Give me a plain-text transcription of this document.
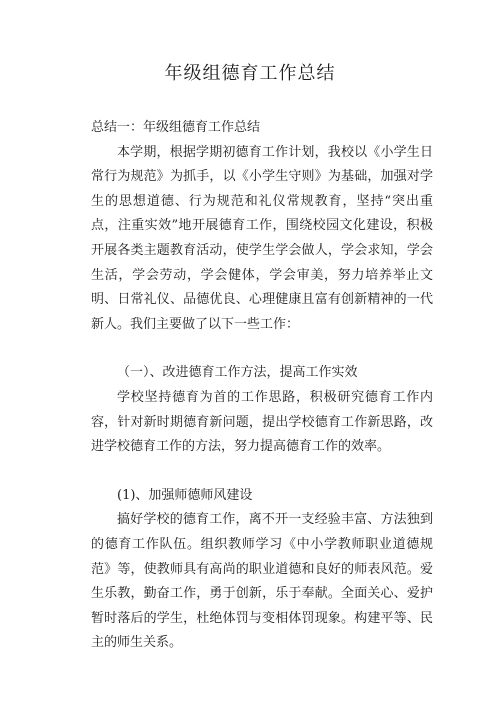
年级组德育工作总结

总结一：年级组德育工作总结

本学期，根据学期初德育工作计划，我校以《小学生日常行为规范》为抓手，以《小学生守则》为基础，加强对学生的思想道德、行为规范和礼仪常规教育，坚持“突出重点，注重实效”地开展德育工作，围绕校园文化建设，积极开展各类主题教育活动，使学生学会做人，学会求知，学会生活，学会劳动，学会健体，学会审美，努力培养举止文明、日常礼仪、品德优良、心理健康且富有创新精神的一代新人。我们主要做了以下一些工作：

（一）、改进德育工作方法，提高工作实效

学校坚持德育为首的工作思路，积极研究德育工作内容，针对新时期德育新问题，提出学校德育工作新思路，改进学校德育工作的方法，努力提高德育工作的效率。

(1)、加强师德师风建设

搞好学校的德育工作，离不开一支经验丰富、方法独到的德育工作队伍。组织教师学习《中小学教师职业道德规范》等，使教师具有高尚的职业道德和良好的师表风范。爱生乐教，勤奋工作，勇于创新，乐于奉献。全面关心、爱护暂时落后的学生，杜绝体罚与变相体罚现象。构建平等、民主的师生关系。
